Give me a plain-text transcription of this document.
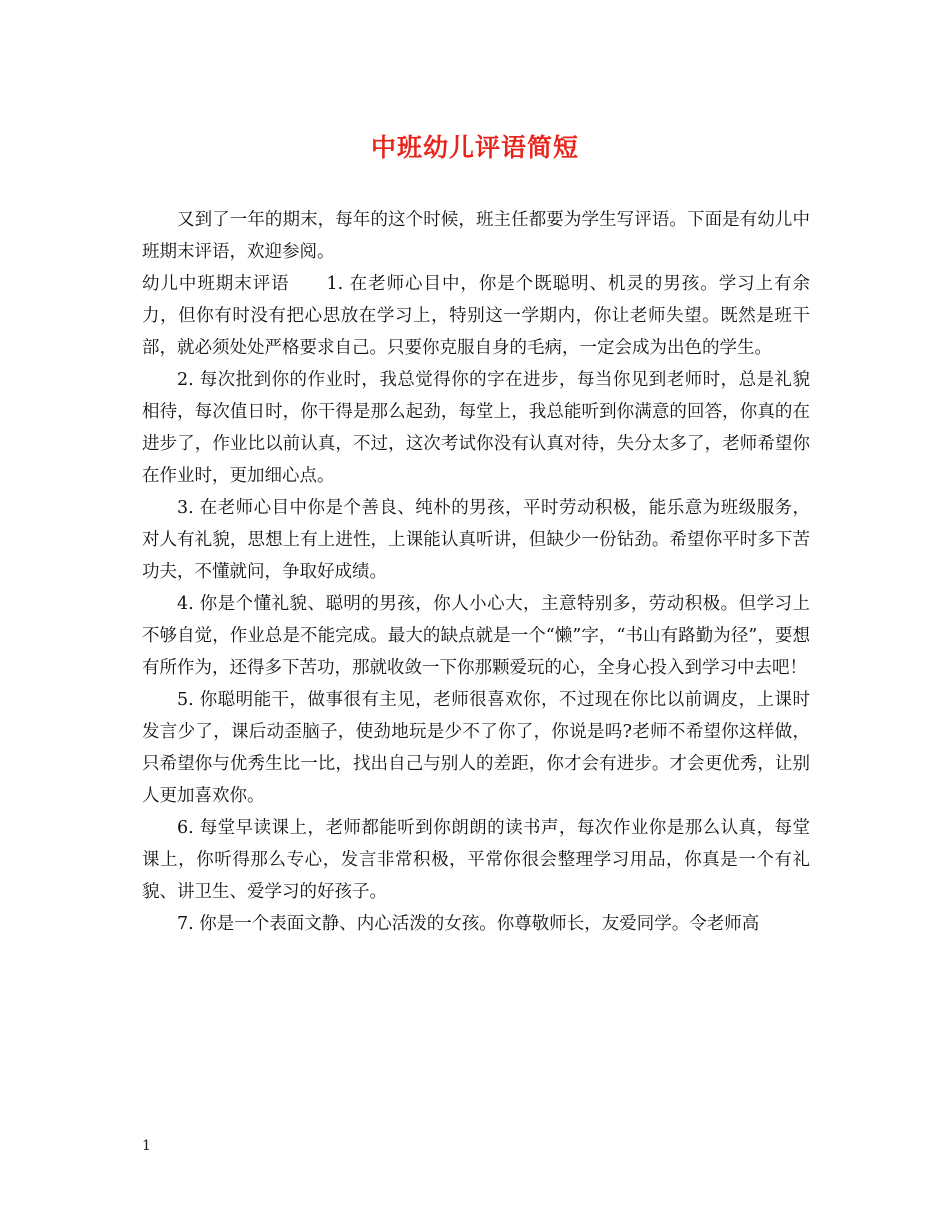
中班幼儿评语简短

又到了一年的期末，每年的这个时候，班主任都要为学生写评语。下面是有幼儿中班期末评语，欢迎参阅。

幼儿中班期末评语　　1. 在老师心目中，你是个既聪明、机灵的男孩。学习上有余力，但你有时没有把心思放在学习上，特别这一学期内，你让老师失望。既然是班干部，就必须处处严格要求自己。只要你克服自身的毛病，一定会成为出色的学生。

2. 每次批到你的作业时，我总觉得你的字在进步，每当你见到老师时，总是礼貌相待，每次值日时，你干得是那么起劲，每堂上，我总能听到你满意的回答，你真的在进步了，作业比以前认真，不过，这次考试你没有认真对待，失分太多了，老师希望你在作业时，更加细心点。

3. 在老师心目中你是个善良、纯朴的男孩，平时劳动积极，能乐意为班级服务，对人有礼貌，思想上有上进性，上课能认真听讲，但缺少一份钻劲。希望你平时多下苦功夫，不懂就问，争取好成绩。

4. 你是个懂礼貌、聪明的男孩，你人小心大，主意特别多，劳动积极。但学习上不够自觉，作业总是不能完成。最大的缺点就是一个“懒”字，“书山有路勤为径”，要想有所作为，还得多下苦功，那就收敛一下你那颗爱玩的心，全身心投入到学习中去吧！

5. 你聪明能干，做事很有主见，老师很喜欢你，不过现在你比以前调皮，上课时发言少了，课后动歪脑子，使劲地玩是少不了你了，你说是吗?老师不希望你这样做，只希望你与优秀生比一比，找出自己与别人的差距，你才会有进步。才会更优秀，让别人更加喜欢你。

6. 每堂早读课上，老师都能听到你朗朗的读书声，每次作业你是那么认真，每堂课上，你听得那么专心，发言非常积极，平常你很会整理学习用品，你真是一个有礼貌、讲卫生、爱学习的好孩子。

7. 你是一个表面文静、内心活泼的女孩。你尊敬师长，友爱同学。令老师高

1
